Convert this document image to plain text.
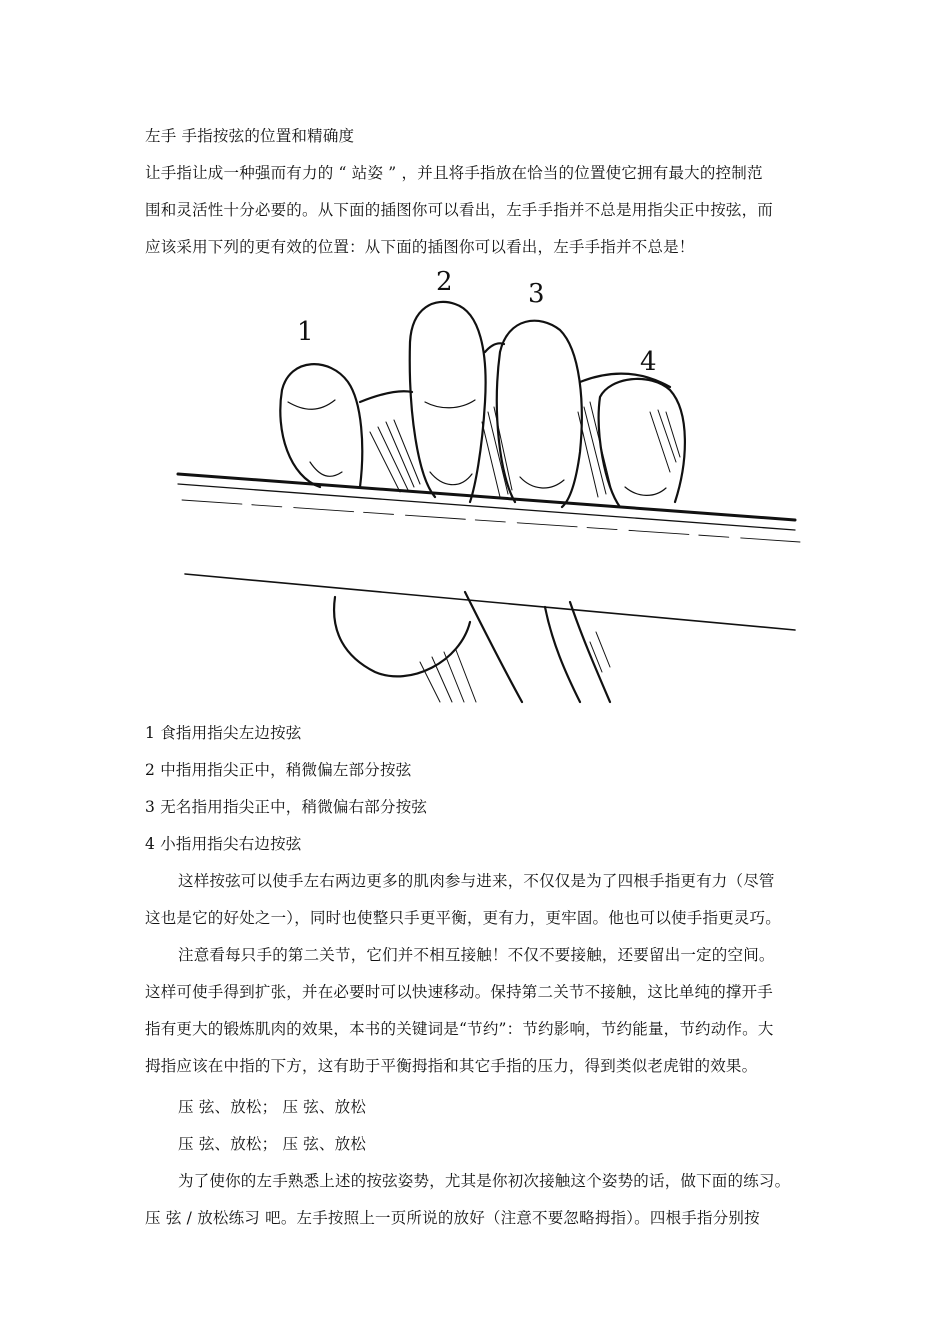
左手 手指按弦的位置和精确度
让手指让成一种强而有力的 “ 站姿 ” ，并且将手指放在恰当的位置使它拥有最大的控制范
围和灵活性十分必要的。从下面的插图你可以看出，左手手指并不总是用指尖正中按弦，而
应该采用下列的更有效的位置：从下面的插图你可以看出，左手手指并不总是！
1
2	3
4
1 食指用指尖左边按弦
2 中指用指尖正中，稍微偏左部分按弦
3 无名指用指尖正中，稍微偏右部分按弦
4 小指用指尖右边按弦
这样按弦可以使手左右两边更多的肌肉参与进来，不仅仅是为了四根手指更有力（尽管
这也是它的好处之一），同时也使整只手更平衡，更有力，更牢固。他也可以使手指更灵巧。
注意看每只手的第二关节，它们并不相互接触！不仅不要接触，还要留出一定的空间。
这样可使手得到扩张，并在必要时可以快速移动。保持第二关节不接触，这比单纯的撑开手
指有更大的锻炼肌肉的效果，本书的关键词是“节约”：节约影响，节约能量，节约动作。大
拇指应该在中指的下方，这有助于平衡拇指和其它手指的压力，得到类似老虎钳的效果。
压 弦、放松； 压 弦、放松
压 弦、放松； 压 弦、放松
为了使你的左手熟悉上述的按弦姿势，尤其是你初次接触这个姿势的话，做下面的练习。
压 弦 / 放松练习 吧。左手按照上一页所说的放好（注意不要忽略拇指）。四根手指分别按
